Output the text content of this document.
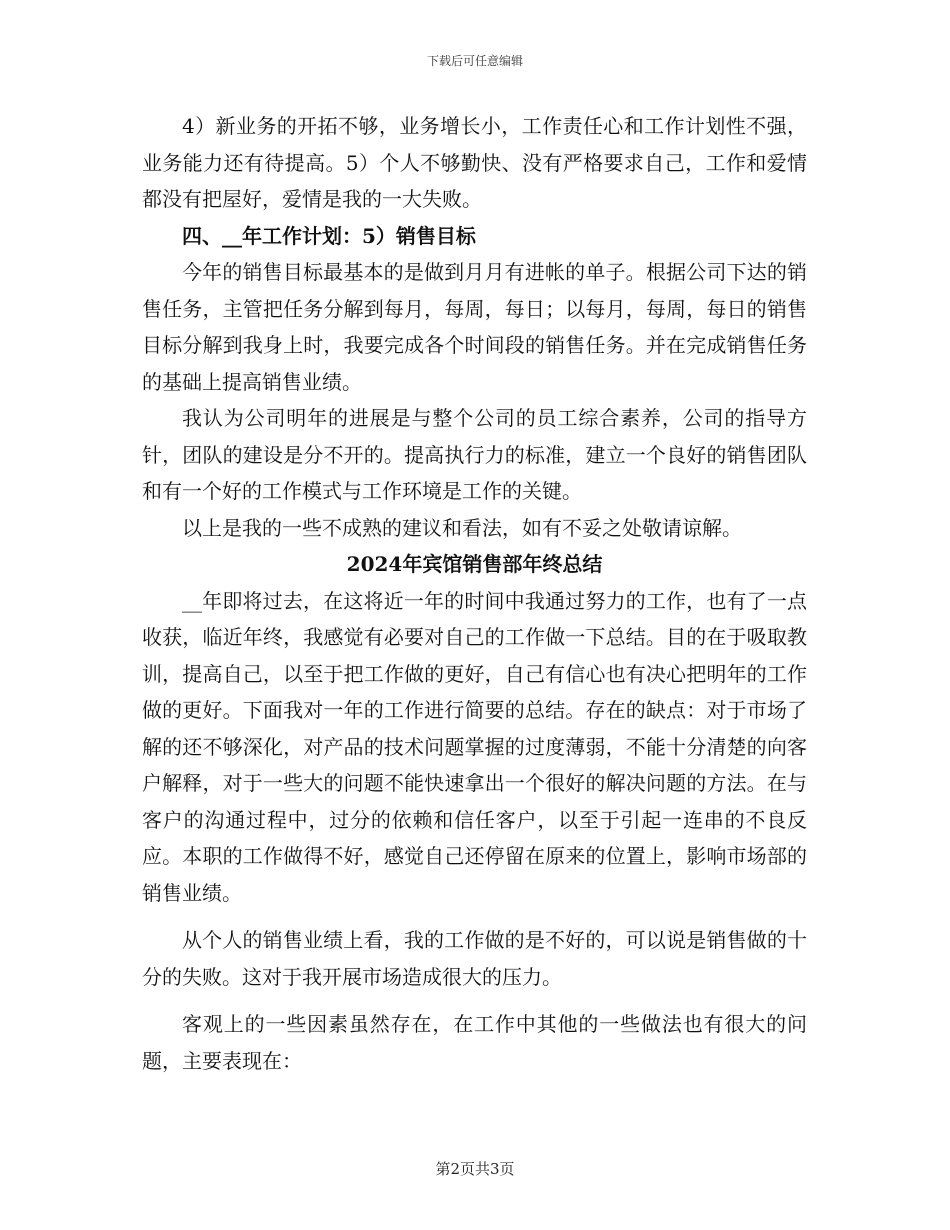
下载后可任意编辑

4）新业务的开拓不够，业务增长小，工作责任心和工作计划性不强，业务能力还有待提高。5）个人不够勤快、没有严格要求自己，工作和爱情都没有把屋好，爱情是我的一大失败。

四、__年工作计划：5）销售目标

今年的销售目标最基本的是做到月月有进帐的单子。根据公司下达的销售任务，主管把任务分解到每月，每周，每日；以每月，每周，每日的销售目标分解到我身上时，我要完成各个时间段的销售任务。并在完成销售任务的基础上提高销售业绩。

我认为公司明年的进展是与整个公司的员工综合素养，公司的指导方针，团队的建设是分不开的。提高执行力的标准，建立一个良好的销售团队和有一个好的工作模式与工作环境是工作的关键。

以上是我的一些不成熟的建议和看法，如有不妥之处敬请谅解。

2024年宾馆销售部年终总结

__年即将过去，在这将近一年的时间中我通过努力的工作，也有了一点收获，临近年终，我感觉有必要对自己的工作做一下总结。目的在于吸取教训，提高自己，以至于把工作做的更好，自己有信心也有决心把明年的工作做的更好。下面我对一年的工作进行简要的总结。存在的缺点：对于市场了解的还不够深化，对产品的技术问题掌握的过度薄弱，不能十分清楚的向客户解释，对于一些大的问题不能快速拿出一个很好的解决问题的方法。在与客户的沟通过程中，过分的依赖和信任客户，以至于引起一连串的不良反应。本职的工作做得不好，感觉自己还停留在原来的位置上，影响市场部的销售业绩。

从个人的销售业绩上看，我的工作做的是不好的，可以说是销售做的十分的失败。这对于我开展市场造成很大的压力。

客观上的一些因素虽然存在，在工作中其他的一些做法也有很大的问题，主要表现在：

第2页共3页
